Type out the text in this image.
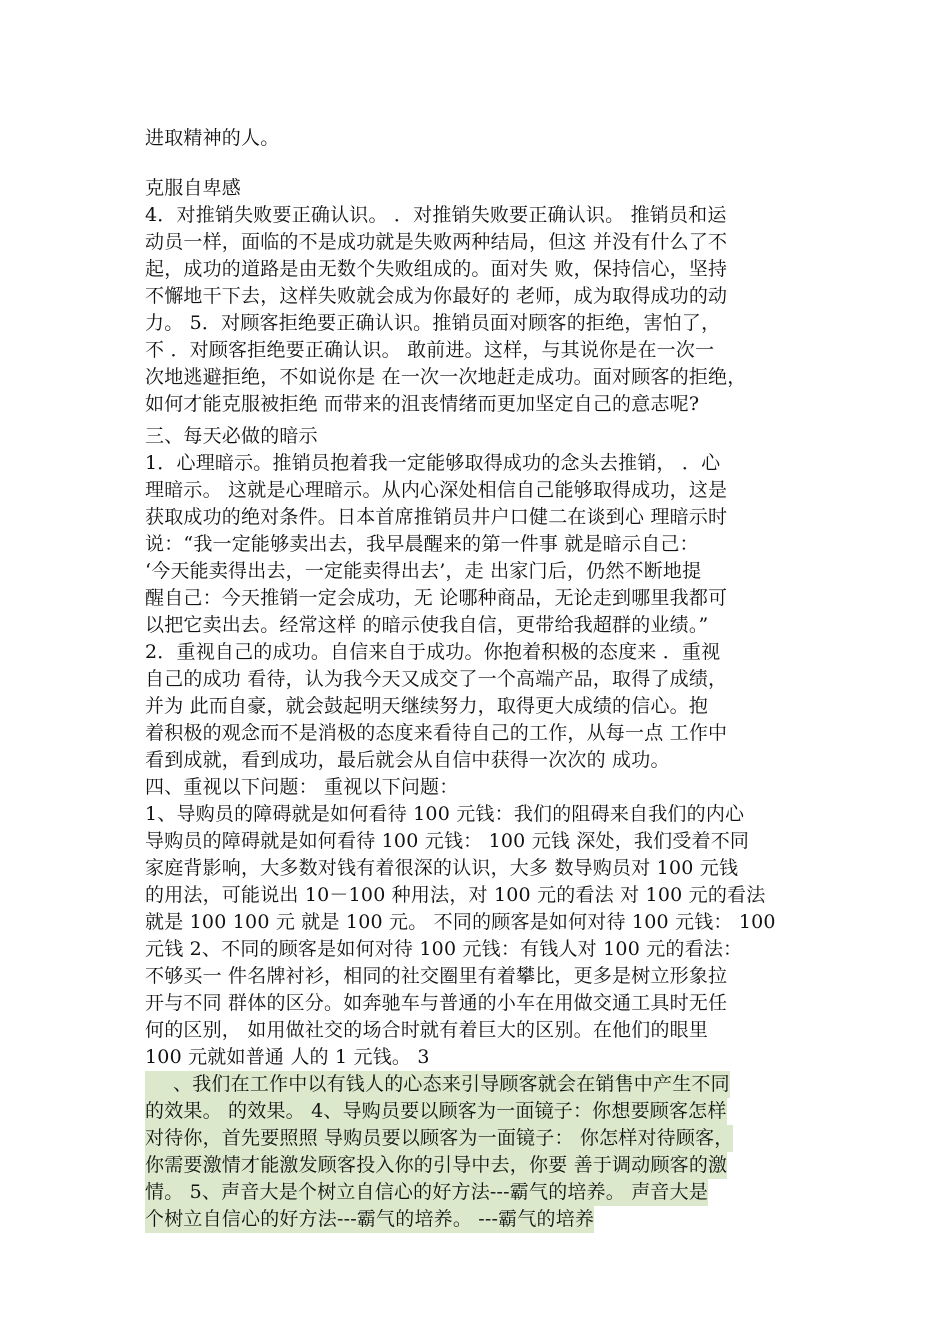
进取精神的人。
克服自卑感
4．对推销失败要正确认识。 ．对推销失败要正确认识。 推销员和运
动员一样，面临的不是成功就是失败两种结局，但这 并没有什么了不
起，成功的道路是由无数个失败组成的。面对失 败，保持信心，坚持
不懈地干下去，这样失败就会成为你最好的 老师，成为取得成功的动
力。 5．对顾客拒绝要正确认识。推销员面对顾客的拒绝，害怕了，
不 ．对顾客拒绝要正确认识。 敢前进。这样，与其说你是在一次一
次地逃避拒绝，不如说你是 在一次一次地赶走成功。面对顾客的拒绝，
如何才能克服被拒绝 而带来的沮丧情绪而更加坚定自己的意志呢?
三、每天必做的暗示
1．心理暗示。推销员抱着我一定能够取得成功的念头去推销， ．心
理暗示。 这就是心理暗示。从内心深处相信自己能够取得成功，这是
获取成功的绝对条件。日本首席推销员井户口健二在谈到心 理暗示时
说：“我一定能够卖出去，我早晨醒来的第一件事 就是暗示自己：
‘今天能卖得出去，一定能卖得出去’，走 出家门后，仍然不断地提
醒自己：今天推销一定会成功，无 论哪种商品，无论走到哪里我都可
以把它卖出去。经常这样 的暗示使我自信，更带给我超群的业绩。”
2．重视自己的成功。自信来自于成功。你抱着积极的态度来 ．重视
自己的成功 看待，认为我今天又成交了一个高端产品，取得了成绩，
并为 此而自豪，就会鼓起明天继续努力，取得更大成绩的信心。抱
着积极的观念而不是消极的态度来看待自己的工作，从每一点 工作中
看到成就，看到成功，最后就会从自信中获得一次次的 成功。
四、重视以下问题： 重视以下问题：
1、导购员的障碍就是如何看待 100 元钱：我们的阻碍来自我们的内心
导购员的障碍就是如何看待 100 元钱： 100 元钱 深处，我们受着不同
家庭背影响，大多数对钱有着很深的认识，大多 数导购员对 100 元钱
的用法，可能说出 10－100 种用法，对 100 元的看法 对 100 元的看法
就是 100 100 元 就是 100 元。 不同的顾客是如何对待 100 元钱： 100
元钱 2、不同的顾客是如何对待 100 元钱：有钱人对 100 元的看法：
不够买一 件名牌衬衫，相同的社交圈里有着攀比，更多是树立形象拉
开与不同 群体的区分。如奔驰车与普通的小车在用做交通工具时无任
何的区别， 如用做社交的场合时就有着巨大的区别。在他们的眼里
100 元就如普通 人的 1 元钱。 3
、我们在工作中以有钱人的心态来引导顾客就会在销售中产生不同
的效果。 的效果。 4、导购员要以顾客为一面镜子：你想要顾客怎样
对待你，首先要照照 导购员要以顾客为一面镜子： 你怎样对待顾客，
你需要激情才能激发顾客投入你的引导中去，你要 善于调动顾客的激
情。 5、声音大是个树立自信心的好方法---霸气的培养。 声音大是
个树立自信心的好方法---霸气的培养。 ---霸气的培养
